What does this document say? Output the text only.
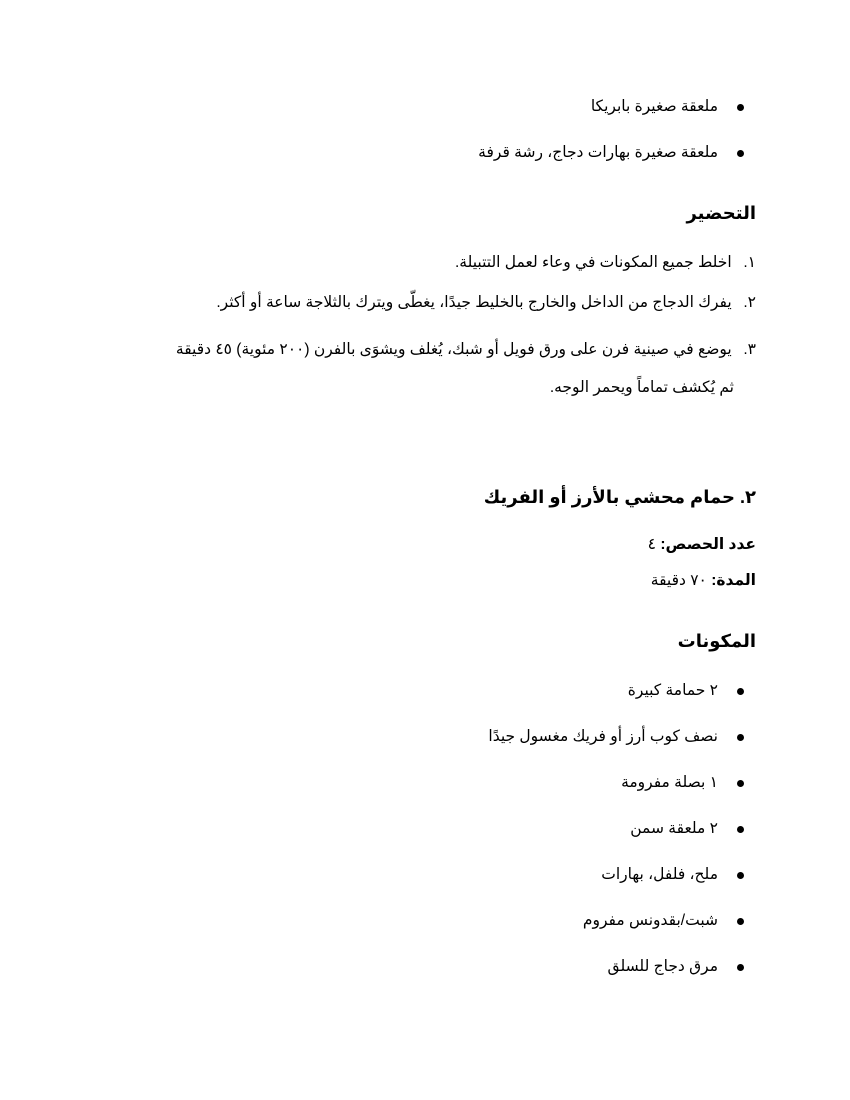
ملعقة صغيرة بابريكا
ملعقة صغيرة بهارات دجاج، رشة قرفة
التحضير
١. اخلط جميع المكونات في وعاء لعمل التتبيلة.
٢. يفرك الدجاج من الداخل والخارج بالخليط جيدًا، يغطّى ويترك بالثلاجة ساعة أو أكثر.
٣. يوضع في صينية فرن على ورق فويل أو شبك، يُغلف ويشوَى بالفرن (٢٠٠ مئوية) ٤٥ دقيقة
ثم يُكشف تماماً ويحمر الوجه.
٢. حمام محشي بالأرز أو الفريك
عدد الحصص: ٤
المدة: ٧٠ دقيقة
المكونات
٢ حمامة كبيرة
نصف كوب أرز أو فريك مغسول جيدًا
١ بصلة مفرومة
٢ ملعقة سمن
ملح، فلفل، بهارات
شبت/بقدونس مفروم
مرق دجاج للسلق
